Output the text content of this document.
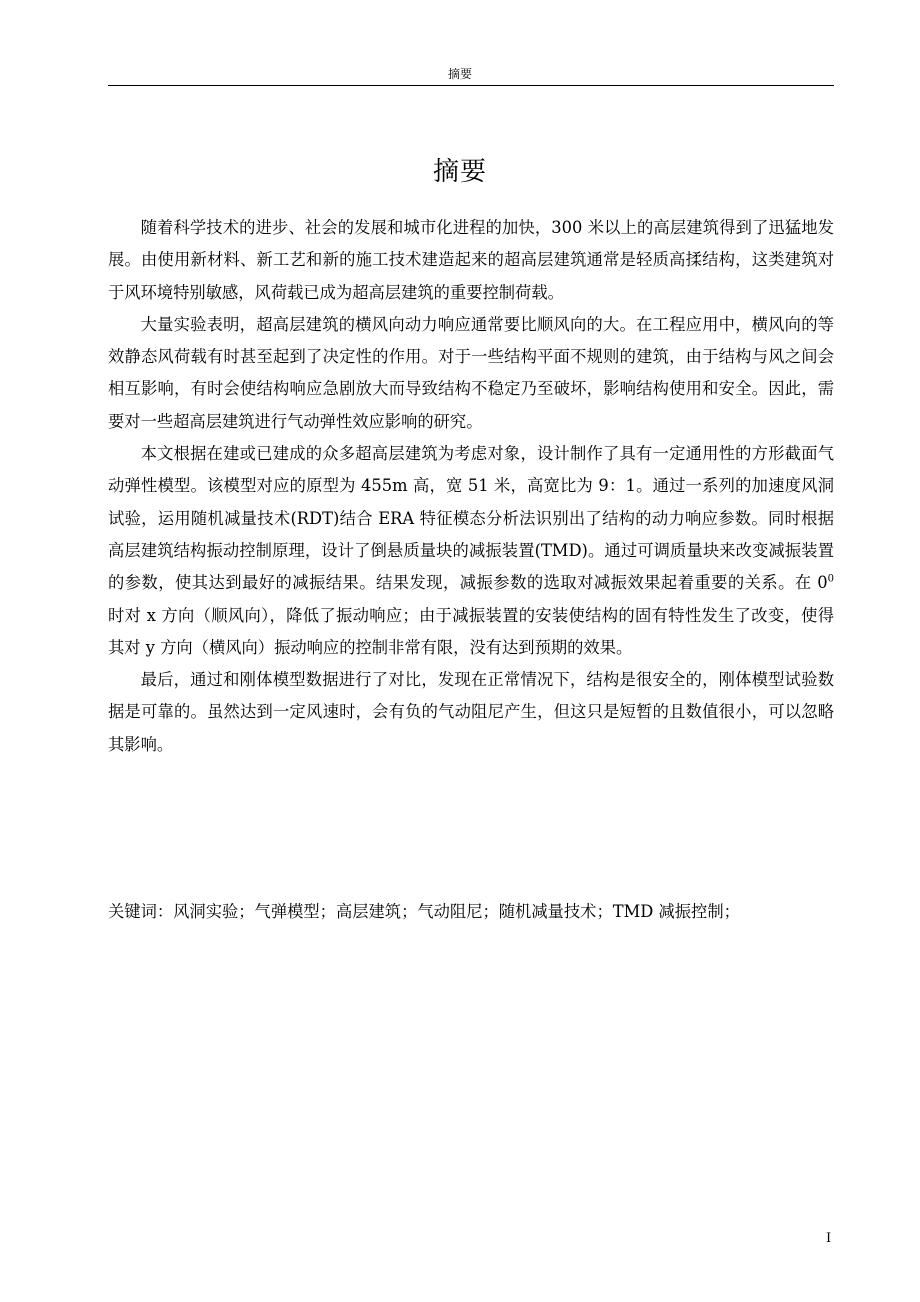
摘要
摘要

随着科学技术的进步、社会的发展和城市化进程的加快，300 米以上的高层建筑得到了迅猛地发展。由使用新材料、新工艺和新的施工技术建造起来的超高层建筑通常是轻质高揉结构，这类建筑对于风环境特别敏感，风荷载已成为超高层建筑的重要控制荷载。

大量实验表明，超高层建筑的横风向动力响应通常要比顺风向的大。在工程应用中，横风向的等效静态风荷载有时甚至起到了决定性的作用。对于一些结构平面不规则的建筑，由于结构与风之间会相互影响，有时会使结构响应急剧放大而导致结构不稳定乃至破坏，影响结构使用和安全。因此，需要对一些超高层建筑进行气动弹性效应影响的研究。

本文根据在建或已建成的众多超高层建筑为考虑对象，设计制作了具有一定通用性的方形截面气动弹性模型。该模型对应的原型为 455m 高，宽 51 米，高宽比为 9：1。通过一系列的加速度风洞试验，运用随机减量技术(RDT)结合 ERA 特征模态分析法识别出了结构的动力响应参数。同时根据高层建筑结构振动控制原理，设计了倒悬质量块的减振装置(TMD)。通过可调质量块来改变减振装置的参数，使其达到最好的减振结果。结果发现，减振参数的选取对减振效果起着重要的关系。在 $0^0$ 时对 x 方向（顺风向），降低了振动响应；由于减振装置的安装使结构的固有特性发生了改变，使得其对 y 方向（横风向）振动响应的控制非常有限，没有达到预期的效果。

最后，通过和刚体模型数据进行了对比，发现在正常情况下，结构是很安全的，刚体模型试验数据是可靠的。虽然达到一定风速时，会有负的气动阻尼产生，但这只是短暂的且数值很小，可以忽略其影响。

关键词：风洞实验；气弹模型；高层建筑；气动阻尼；随机减量技术；TMD 减振控制；
I
